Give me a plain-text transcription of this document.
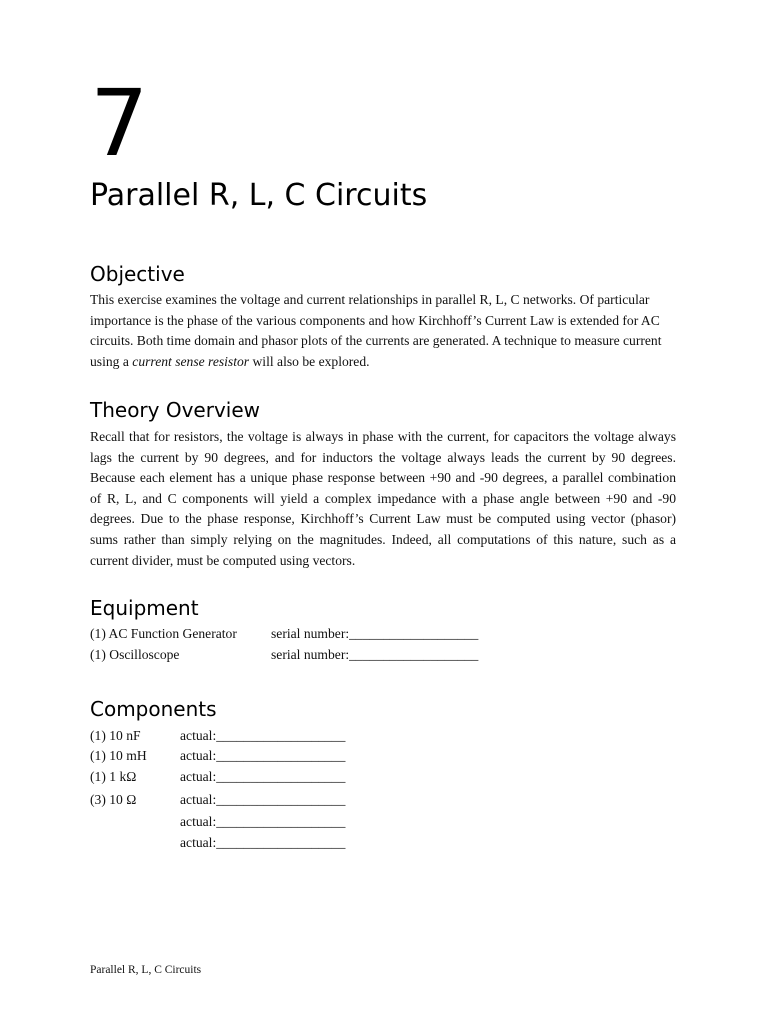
7
Parallel R, L, C Circuits
Objective

This exercise examines the voltage and current relationships in parallel R, L, C networks. Of particular
importance is the phase of the various components and how Kirchhoff’s Current Law is extended for AC
circuits. Both time domain and phasor plots of the currents are generated. A technique to measure current
using a current sense resistor will also be explored.

Theory Overview

Recall that for resistors, the voltage is always in phase with the current, for capacitors the voltage always
lags the current by 90 degrees, and for inductors the voltage always leads the current by 90 degrees.
Because each element has a unique phase response between +90 and -90 degrees, a parallel combination
of R, L, and C components will yield a complex impedance with a phase angle between +90 and -90
degrees. Due to the phase response, Kirchhoff’s Current Law must be computed using vector (phasor)
sums rather than simply relying on the magnitudes. Indeed, all computations of this nature, such as a
current divider, must be computed using vectors.

Equipment
(1) AC Function Generator	serial number:___________________
(1) Oscilloscope	serial number:___________________
Components
(1) 10 nF	actual:___________________
(1) 10 mH actual:___________________
(1) 1 kΩ	actual:___________________
(3) 10 Ω	actual:___________________
actual:___________________
actual:___________________
Parallel R, L, C Circuits
